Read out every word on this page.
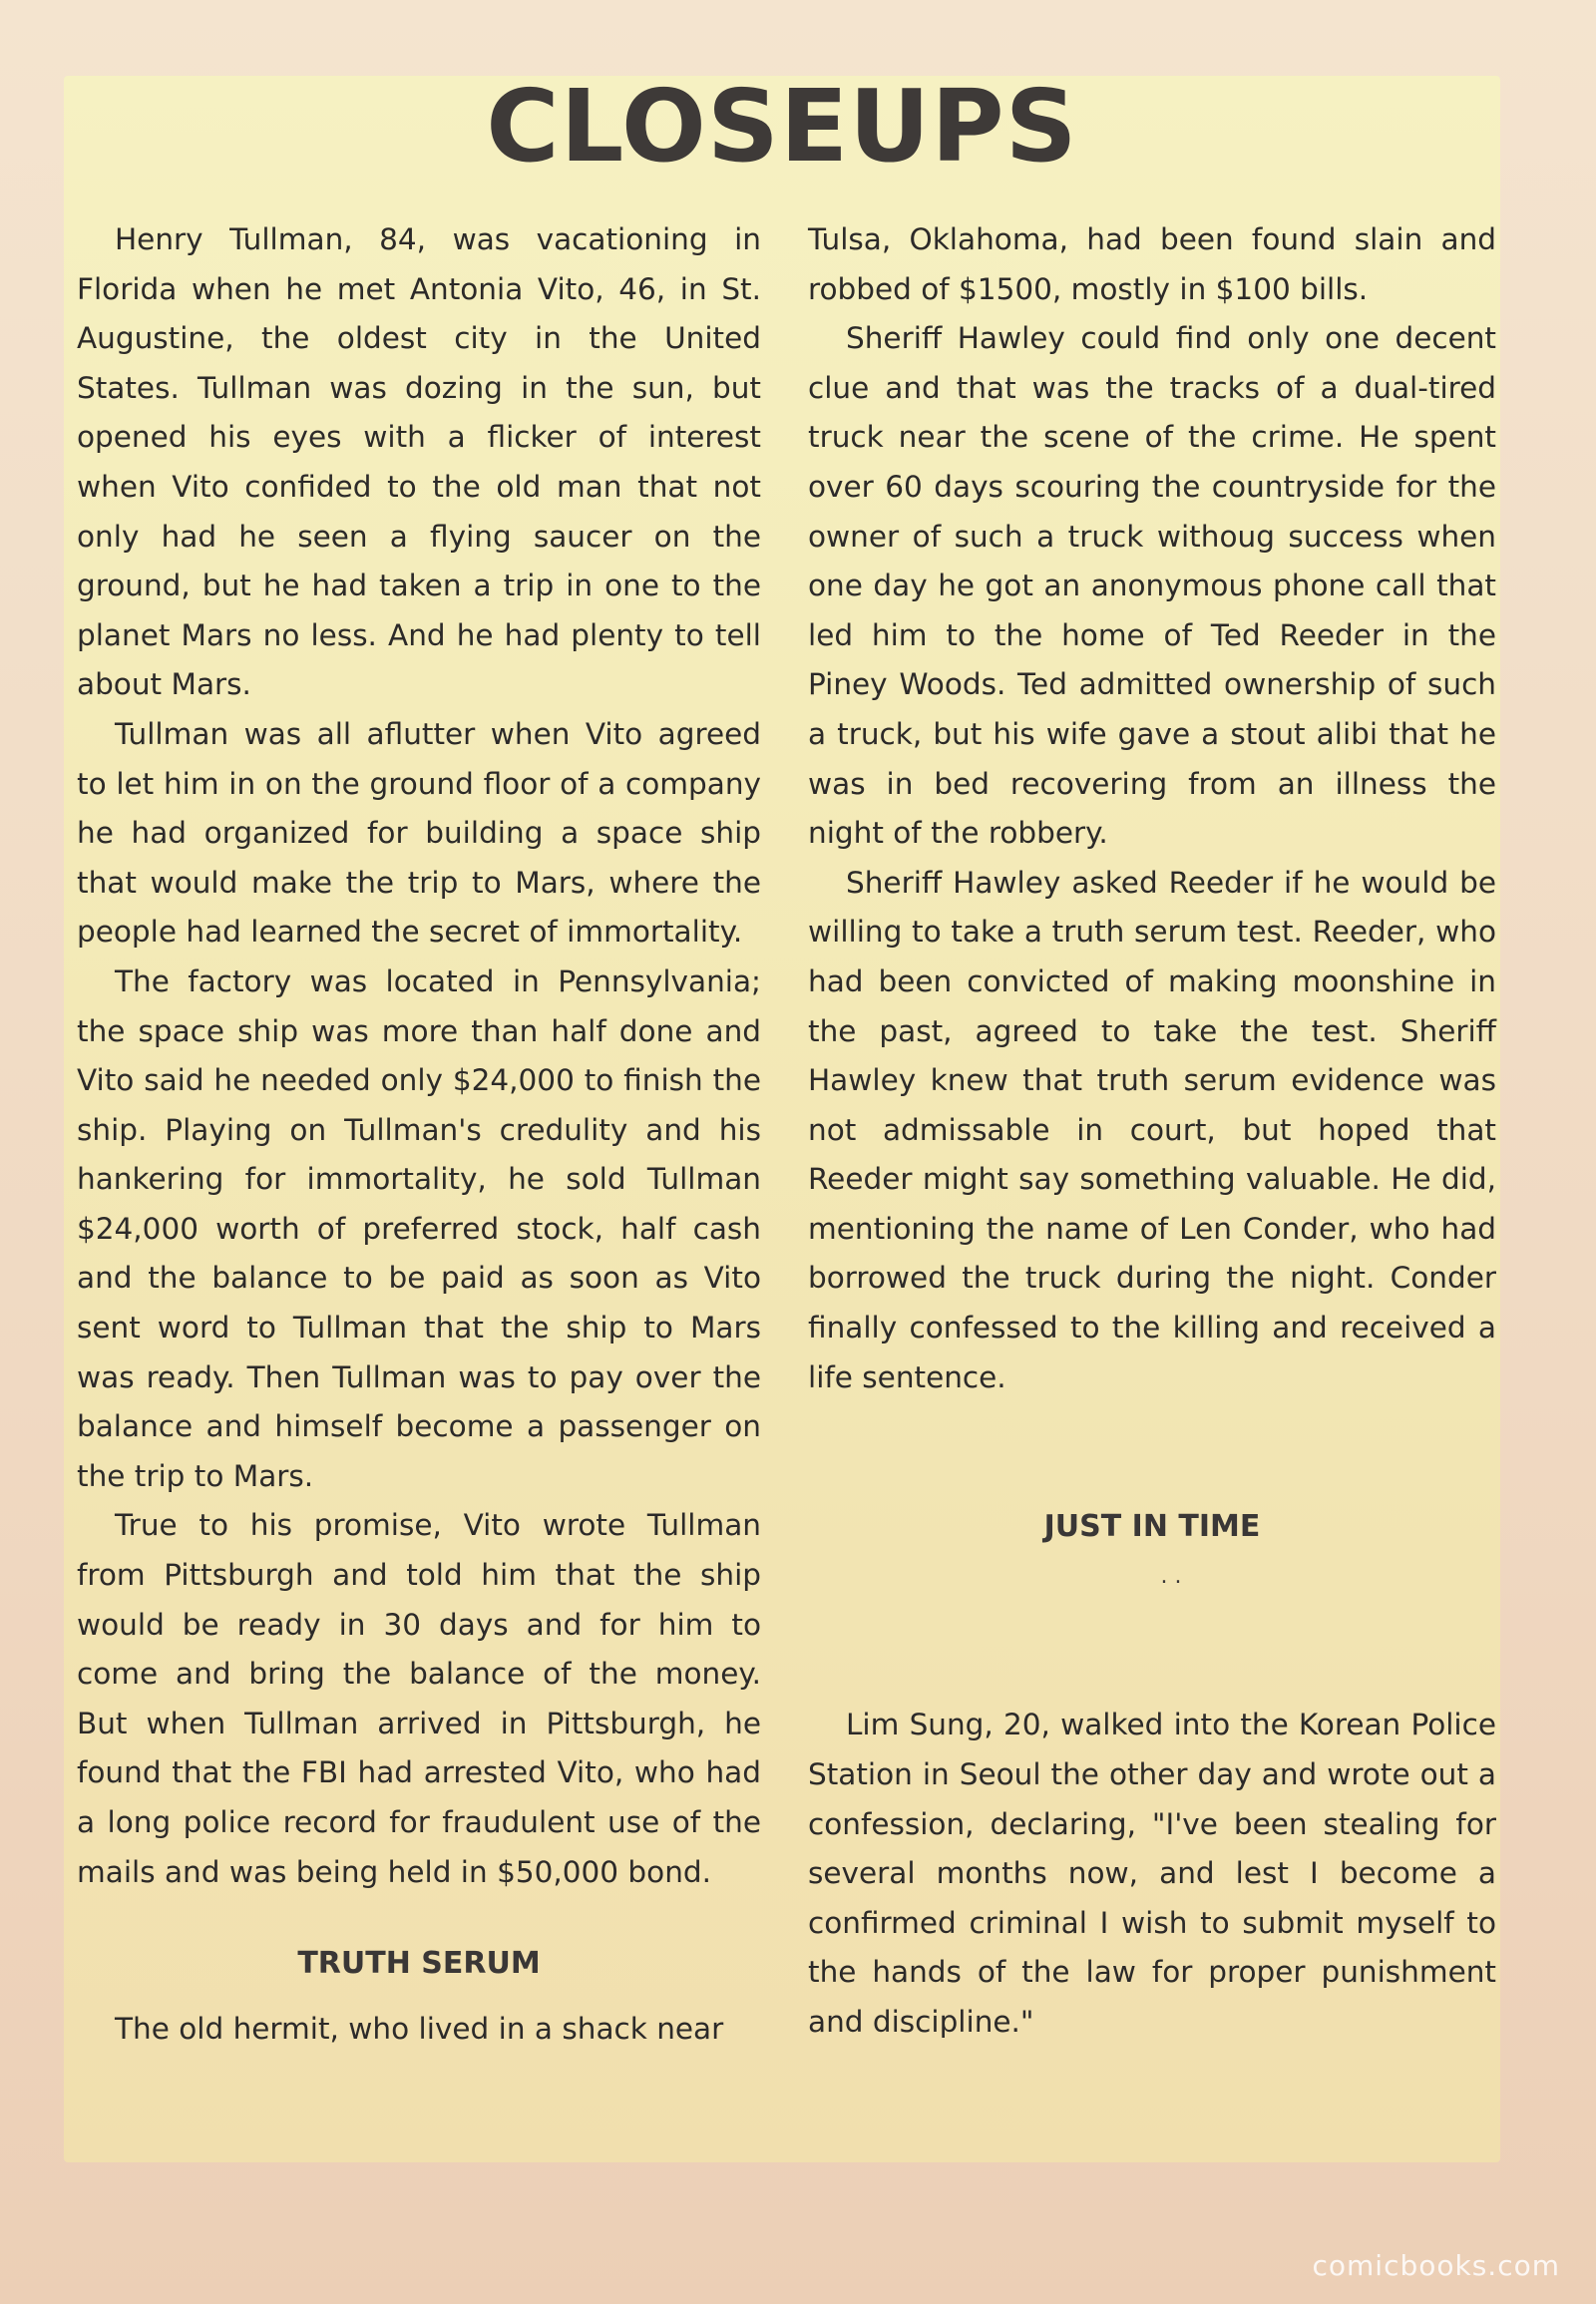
CLOSEUPS

Henry Tullman, 84, was vacationing in Florida when he met Antonia Vito, 46, in St. Augustine, the oldest city in the United States. Tullman was dozing in the sun, but opened his eyes with a flicker of interest when Vito confided to the old man that not only had he seen a flying saucer on the ground, but he had taken a trip in one to the planet Mars no less. And he had plenty to tell about Mars.

Tullman was all aflutter when Vito agreed to let him in on the ground floor of a company he had organized for building a space ship that would make the trip to Mars, where the people had learned the secret of immortality.

The factory was located in Pennsylvania; the space ship was more than half done and Vito said he needed only $24,000 to finish the ship. Playing on Tullman's credulity and his hankering for immortality, he sold Tullman $24,000 worth of preferred stock, half cash and the balance to be paid as soon as Vito sent word to Tullman that the ship to Mars was ready. Then Tullman was to pay over the balance and himself become a passenger on the trip to Mars.

True to his promise, Vito wrote Tullman from Pittsburgh and told him that the ship would be ready in 30 days and for him to come and bring the balance of the money. But when Tullman arrived in Pittsburgh, he found that the FBI had arrested Vito, who had a long police record for fraudulent use of the mails and was being held in $50,000 bond.

TRUTH SERUM

The old hermit, who lived in a shack near

Tulsa, Oklahoma, had been found slain and robbed of $1500, mostly in $100 bills.

Sheriff Hawley could find only one decent clue and that was the tracks of a dual-tired truck near the scene of the crime. He spent over 60 days scouring the countryside for the owner of such a truck withoug success when one day he got an anonymous phone call that led him to the home of Ted Reeder in the Piney Woods. Ted admitted ownership of such a truck, but his wife gave a stout alibi that he was in bed recovering from an illness the night of the robbery.

Sheriff Hawley asked Reeder if he would be willing to take a truth serum test. Reeder, who had been convicted of making moonshine in the past, agreed to take the test. Sheriff Hawley knew that truth serum evidence was not admissable in court, but hoped that Reeder might say something valuable. He did, mentioning the name of Len Conder, who had borrowed the truck during the night. Conder finally confessed to the killing and received a life sentence.

JUST IN TIME

. .

Lim Sung, 20, walked into the Korean Police Station in Seoul the other day and wrote out a confession, declaring, "I've been stealing for several months now, and lest I become a confirmed criminal I wish to submit myself to the hands of the law for proper punishment and discipline."

comicbooks.com
